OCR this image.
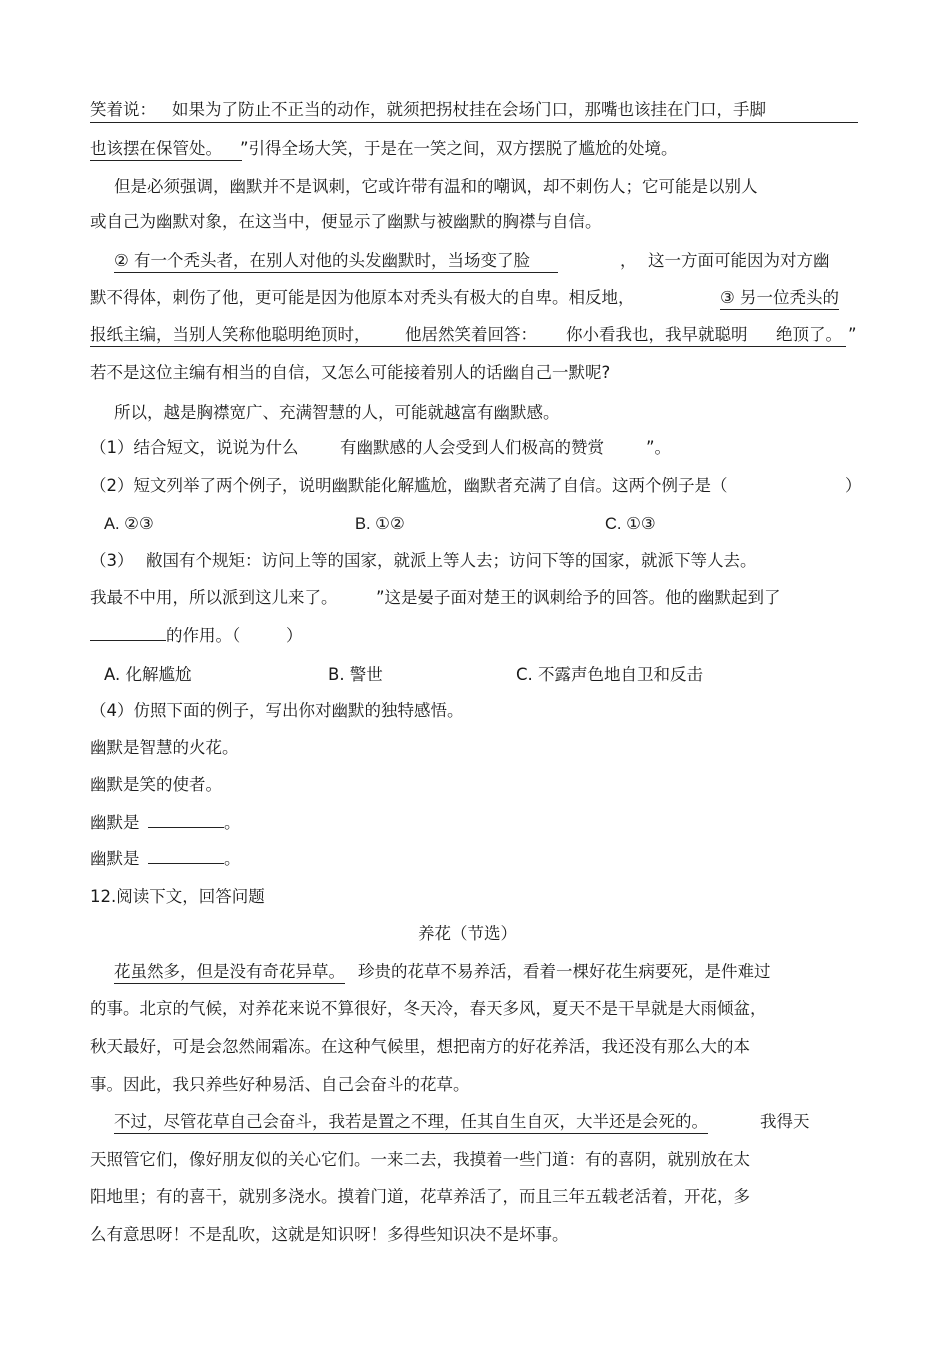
笑着说： 如果为了防止不正当的动作，就须把拐杖挂在会场门口，那嘴也该挂在门口，手脚
也该摆在保管处。	”引得全场大笑，于是在一笑之间，双方摆脱了尴尬的处境。
但是必须强调，幽默并不是讽刺，它或许带有温和的嘲讽，却不刺伤人；它可能是以别人
或自己为幽默对象，在这当中，便显示了幽默与被幽默的胸襟与自信。
② 有一个秃头者，在别人对他的头发幽默时，当场变了脸	， 这一方面可能因为对方幽
默不得体，刺伤了他，更可能是因为他原本对秃头有极大的自卑。相反地，	③ 另一位秃头的
报纸主编，当别人笑称他聪明绝顶时， 他居然笑着回答： 你小看我也，我早就聪明 绝顶了。 ”
若不是这位主编有相当的自信，又怎么可能接着别人的话幽自己一默呢?
所以，越是胸襟宽广、充满智慧的人，可能就越富有幽默感。
（1）结合短文，说说为什么	有幽默感的人会受到人们极高的赞赏	”。
（2）短文列举了两个例子，说明幽默能化解尴尬，幽默者充满了自信。这两个例子是（	）
A. ②③	B. ①②	C. ①③
（3） 敝国有个规矩：访问上等的国家，就派上等人去；访问下等的国家，就派下等人去。
我最不中用，所以派到这儿来了。 ”这是晏子面对楚王的讽刺给予的回答。他的幽默起到了
的作用。（	）
A. 化解尴尬	B. 警世	C. 不露声色地自卫和反击
（4）仿照下面的例子，写出你对幽默的独特感悟。
幽默是智慧的火花。
幽默是笑的使者。
幽默是	。
幽默是	。
12.阅读下文，回答问题
养花（节选）
花虽然多，但是没有奇花异草。 珍贵的花草不易养活，看着一棵好花生病要死，是件难过
的事。北京的气候，对养花来说不算很好，冬天冷，春天多风，夏天不是干旱就是大雨倾盆，
秋天最好，可是会忽然闹霜冻。在这种气候里，想把南方的好花养活，我还没有那么大的本
事。因此，我只养些好种易活、自己会奋斗的花草。
不过，尽管花草自己会奋斗，我若是置之不理，任其自生自灭，大半还是会死的。	我得天
天照管它们，像好朋友似的关心它们。一来二去，我摸着一些门道：有的喜阴，就别放在太
阳地里；有的喜干，就别多浇水。摸着门道，花草养活了，而且三年五载老活着，开花，多
么有意思呀！不是乱吹，这就是知识呀！多得些知识决不是坏事。
